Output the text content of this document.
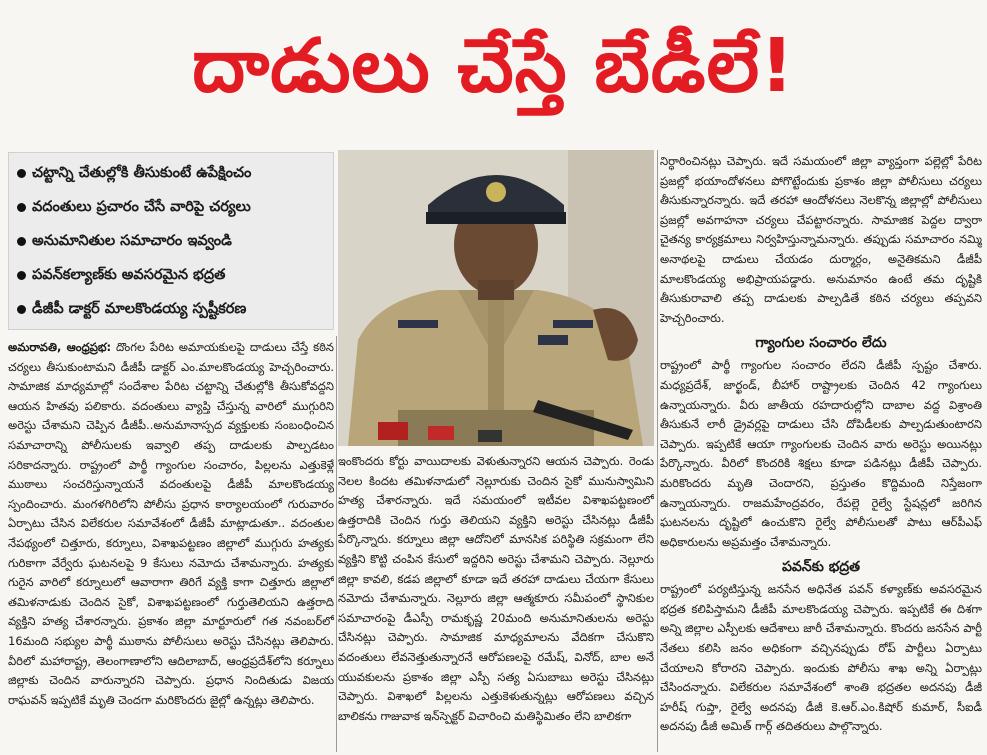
దాడులు చేస్తే బేడీలే!
చట్టాన్ని చేతుల్లోకి తీసుకుంటే ఉపేక్షించం
వదంతులు ప్రచారం చేసే వారిపై చర్యలు
అనుమానితుల సమాచారం ఇవ్వండి
పవన్‌కల్యాణ్‌కు అవసరమైన భద్రత
డీజీపీ డాక్టర్ మాలకొండయ్య స్పష్టీకరణ

అమరావతి, ఆంధ్రప్రభ: దొంగల పేరిట అమాయకులపై దాడులు చేస్తే కఠిన చర్యలు తీసుకుంటామని డీజీపీ డాక్టర్ ఎం.మాలకొండయ్య హెచ్చరించారు. సామాజిక మాధ్యమాల్లో సందేశాల పేరిట చట్టాన్ని చేతుల్లోకి తీసుకోవద్దని ఆయన హితవు పలికారు. వదంతులు వ్యాప్తి చేస్తున్న వారిలో ముగ్గురిని అరెస్టు చేశామని చెప్పిన డీజీపీ..అనుమానాస్పద వ్యక్తులకు సంబంధించిన సమాచారాన్ని పోలీసులకు ఇవ్వాలి తప్ప దాడులకు పాల్పడటం సరికాదన్నారు. రాష్ట్రంలో పార్థీ గ్యాంగుల సంచారం, పిల్లలను ఎత్తుకెళ్లే ముఠాలు సంచరిస్తున్నాయనే వదంతులపై డీజీపీ మాలకొండయ్య స్పందించారు. మంగళగిరిలోని పోలీసు ప్రధాన కార్యాలయంలో గురువారం ఏర్పాటు చేసిన విలేకరుల సమావేశంలో డీజీపీ మాట్లాడుతూ.. వదంతుల నేపథ్యంలో చిత్తూరు, కర్నూలు, విశాఖపట్టణం జిల్లాలో ముగ్గురు హత్యకు గురికాగా వేర్వేరు ఘటనలపై 9 కేసులు నమోదు చేశామన్నారు. హత్యకు గురైన వారిలో కర్నూలులో ఆవారాగా తిరిగే వ్యక్తి కాగా చిత్తూరు జిల్లాలో తమిళనాడుకు చెందిన సైకో, విశాఖపట్టణంలో గుర్తుతెలియని ఉత్తరాది వ్యక్తిని హత్య చేశారన్నారు. ప్రకాశం జిల్లా మార్టూరులో గత నవంబర్‌లో 16మంది సభ్యుల పార్థీ ముఠాను పోలీసులు అరెస్టు చేసినట్లు తెలిపారు. వీరిలో మహారాష్ట్ర, తెలంగాణాలోని ఆదిలాబాద్, ఆంధ్రప్రదేశ్‌లోని కర్నూలు జిల్లాకు చెందిన వారున్నారని చెప్పారు. ప్రధాన నిందితుడు విజయ రాఘవన్ ఇప్పటికే మృతి చెందగా మరికొందరు జైల్లో ఉన్నట్లు తెలిపారు.

ఇంకొందరు కోర్టు వాయిదాలకు వెళుతున్నారని ఆయన చెప్పారు. రెండు నెలల కిందట తమిళనాడులో నెల్లూరుకు చెందిన సైకో మునుస్వామిని హత్య చేశారన్నారు. ఇదే సమయంలో ఇటీవల విశాఖపట్టణంలో ఉత్తరాదికి చెందిన గుర్తు తెలియని వ్యక్తిని అరెస్టు చేసినట్లు డీజీపీ పేర్కొన్నారు. కర్నూలు జిల్లా ఆదోనిలో మానసిక పరిస్థితి సక్రమంగా లేని వ్యక్తిని కొట్టి చంపిన కేసులో ఇద్దరిని అరెస్టు చేశామని చెప్పారు. నెల్లూరు జిల్లా కావలి, కడప జిల్లాలో కూడా ఇదే తరహా దాడులు చేయగా కేసులు నమోదు చేశామన్నారు. నెల్లూరు జిల్లా ఆత్మకూరు సమీపంలో స్థానికుల సమాచారంపై డీఎస్పీ రామకృష్ణ 20మంది అనుమానితులను అరెస్టు చేసినట్లు చెప్పారు. సామాజిక మాధ్యమాలను వేదికగా చేసుకొని వదంతులు లేవనెత్తుతున్నారనే ఆరోపణలపై రమేష్, వినోద్, బాల అనే యువకులను ప్రకాశం జిల్లా ఎస్పీ సత్య ఏసుబాబు అరెస్టు చేసినట్లు చెప్పారు. విశాఖలో పిల్లలను ఎత్తుకెళుతున్నట్లు ఆరోపణలు వచ్చిన బాలికను గాజువాక ఇన్‌స్పెక్టర్ విచారించి మతిస్థిమితం లేని బాలికగా

నిర్ధారించినట్లు చెప్పారు. ఇదే సమయంలో జిల్లా వ్యాప్తంగా పల్లెల్లో పేరిట ప్రజల్లో భయాందోళనలు పోగొట్టేందుకు ప్రకాశం జిల్లా పోలీసులు చర్యలు తీసుకున్నారన్నారు. ఇదే తరహా ఆందోళనలు నెలకొన్న జిల్లాల్లో పోలీసులు ప్రజల్లో అవగాహనా చర్యలు చేపట్టారన్నారు. సామాజిక పెద్దల ద్వారా చైతన్య కార్యక్రమాలు నిర్వహిస్తున్నామన్నారు. తప్పుడు సమాచారం నమ్మి అనాథలపై దాడులు చేయడం దుర్మార్గం, అనైతికమని డీజీపీ మాలకొండయ్య అభిప్రాయపడ్డారు. అనుమానం ఉంటే తమ దృష్టికి తీసుకురావాలి తప్ప దాడులకు పాల్పడితే కఠిన చర్యలు తప్పవని హెచ్చరించారు.

గ్యాంగుల సంచారం లేదు

రాష్ట్రంలో పార్థీ గ్యాంగుల సంచారం లేదని డీజీపీ స్పష్టం చేశారు. మధ్యప్రదేశ్, జార్ఖండ్, బీహార్ రాష్ట్రాలకు చెందిన 42 గ్యాంగులు ఉన్నాయన్నారు. వీరు జాతీయ రహదారుల్లోని దాబాల వద్ద విశ్రాంతి తీసుకునే లారీ డ్రైవర్లపై దాడులు చేసి దోపిడీలకు పాల్పడుతుంటారని చెప్పారు. ఇప్పటికే ఆయా గ్యాంగులకు చెందిన వారు అరెస్టు అయినట్లు పేర్కొన్నారు. వీరిలో కొందరికి శిక్షలు కూడా పడినట్లు డీజీపీ చెప్పారు. మరికొందరు మృతి చెందారని, ప్రస్తుతం కొద్దిమంది నిస్తేజంగా ఉన్నాయన్నారు. రాజమహేంద్రవరం, రేపల్లె రైల్వే స్టేషన్లలో జరిగిన ఘటనలను దృష్టిలో ఉంచుకొని రైల్వే పోలీసులతో పాటు ఆర్‌పీఎఫ్ అధికారులను అప్రమత్తం చేశామన్నారు.

పవన్‌కు భద్రత

రాష్ట్రంలో పర్యటిస్తున్న జనసేన అధినేత పవన్ కళ్యాణ్‌కు అవసరమైన భద్రత కలిపిస్తామని డీజీపీ మాలకొండయ్య చెప్పారు. ఇప్పటికే ఈ దిశగా అన్ని జిల్లాల ఎస్పీలకు ఆదేశాలు జారీ చేశామన్నారు. కొందరు జనసేన పార్టీ నేతలు కలిసి జనం అధికంగా వచ్చినప్పుడు రోప్ పార్టీలు ఏర్పాటు చేయాలని కోరారని చెప్పారు. ఇందుకు పోలీసు శాఖ అన్ని ఏర్పాట్లు చేసిందన్నారు. విలేకరుల సమావేశంలో శాంతి భద్రతల అదనపు డీజీ హరీష్ గుప్తా, రైల్వే అదనపు డీజీ కె.ఆర్.ఎం.కిషోర్ కుమార్, సీఐడీ అదనపు డీజీ అమిత్ గార్గ్ తదితరులు పాల్గొన్నారు.
